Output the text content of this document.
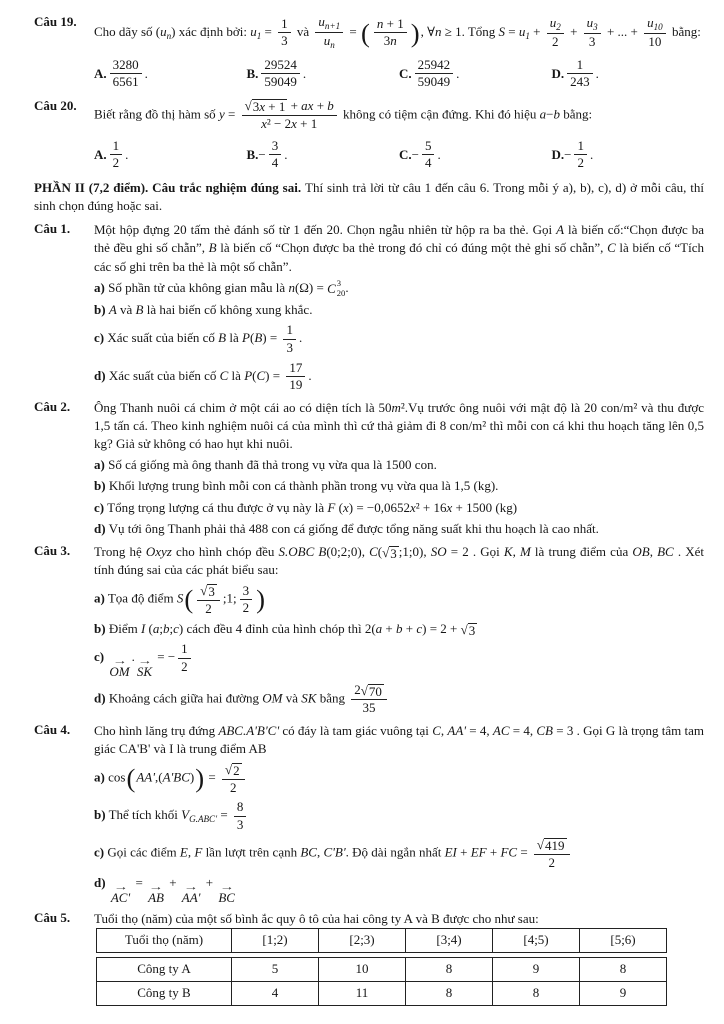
Câu 19.
Cho dãy số $(u_n)$ xác định bởi: $u_1 = \frac{1}{3}$ và $\frac{u_{n+1}}{u_n}$ = ( $\frac{n + 1}{3n}$ ), ∀n ≥ 1. Tổng $S = u_1 + \frac{u_2}{2} + \frac{u_3}{3}$ + ... + $\frac{u_{10}}{10}$ bằng:
A. $\frac{3280}{6561}$ .	B. $\frac{29524}{59049}$ .	C. $\frac{25942}{59049}$ .	D. $\frac{1}{243}$ .
Câu 20.
Biết rằng đồ thị hàm số $y = \frac{√ 3x + 1 + ax + b}{\text{x² − 2x + 1}}$ không có tiệm cận đứng. Khi đó hiệu a−b bằng:
A. $\frac{1}{2}$ .	B. − $\frac{3}{4}$ .	C. − $\frac{5}{4}$ .	D. − $\frac{1}{2}$ .
PHẦN II (7,2 điểm). Câu trắc nghiệm đúng sai. Thí sinh trả lời từ câu 1 đến câu 6. Trong mỗi ý a), b), c), d) ở mỗi câu, thí sinh chọn đúng hoặc sai.
Câu 1.	Một hộp đựng 20 tấm thẻ đánh số từ 1 đến 20. Chọn ngẫu nhiên từ hộp ra ba thẻ. Gọi A là biến cố:“Chọn được ba thẻ đều ghi số chẵn”, B là biến cố “Chọn được ba thẻ trong đó chỉ có đúng một thẻ ghi số chẵn”, C là biến cố “Tích các số ghi trên ba thẻ là một số chẵn”.
a) Số phần tử của không gian mẫu là n(Ω) = C 3
20 .
b) A và B là hai biến cố không xung khắc.
c) Xác suất của biến cố B là $P(B) = \frac{1}{3}$ .
d) Xác suất của biến cố C là $P(C) = \frac{17}{19}$ .
Câu 2.	Ông Thanh nuôi cá chim ở một cái ao có diện tích là 50m².Vụ trước ông nuôi với mật độ là 20 con/m² và thu được 1,5 tấn cá. Theo kinh nghiệm nuôi cá của mình thì cứ thả giảm đi 8 con/m² thì mỗi con cá khi thu hoạch tăng lên 0,5 kg? Giả sử không có hao hụt khi nuôi.
a) Số cá giống mà ông thanh đã thả trong vụ vừa qua là 1500 con.
b) Khối lượng trung bình mỗi con cá thành phần trong vụ vừa qua là 1,5 (kg).
c) Tổng trọng lượng cá thu được ở vụ này là F (x) = −0,0652x² + 16x + 1500 (kg)
d) Vụ tới ông Thanh phải thả 488 con cá giống để được tổng năng suất khi thu hoạch là cao nhất.
Câu 3.	Trong hệ Oxyz cho hình chóp đều S.OBC B(0;2;0), C( √ 3 ;1;0), SO = 2 . Gọi K, M là trung điểm của OB, BC . Xét tính đúng sai của các phát biểu sau:
a) Tọa độ điểm $S( \frac{√ 3}{2}$ ;1; $\frac{3}{2}$ )
b) Điểm I (a;b;c) cách đều 4 đỉnh của hình chóp thì 2(a + b + c) = 2 + √ 3
c) →
OM
. →
SK
= − $\frac{1}{2}$
d) Khoảng cách giữa hai đường OM và SK bằng $\frac{2 √ 70}{35}$
Câu 4.	Cho hình lăng trụ đứng ABC.A'B'C' có đáy là tam giác vuông tại C, AA' = 4, AC = 4, CB = 3 . Gọi G là trọng tâm tam giác CA'B' và I là trung điểm AB
a) $\cos(AA',(A'BC)) = \frac{√ 2}{2}$
b) Thể tích khối $V_{G.ABC'} = \frac{8}{3}$
c) Gọi các điểm E, F lần lượt trên cạnh BC, C'B'. Độ dài ngắn nhất EI + EF + FC = $\frac{√ 419}{2}$
d) →
AC'
= →
AB
+ →
AA'
+ →
BC
Câu 5.	Tuổi thọ (năm) của một số bình ắc quy ô tô của hai công ty A và B được cho như sau:
Tuổi thọ (năm)	[1;2)	[2;3)	[3;4)	[4;5)	[5;6)
Công ty A	5	10	8	9	8
Công ty B	4	11	8	8	9
